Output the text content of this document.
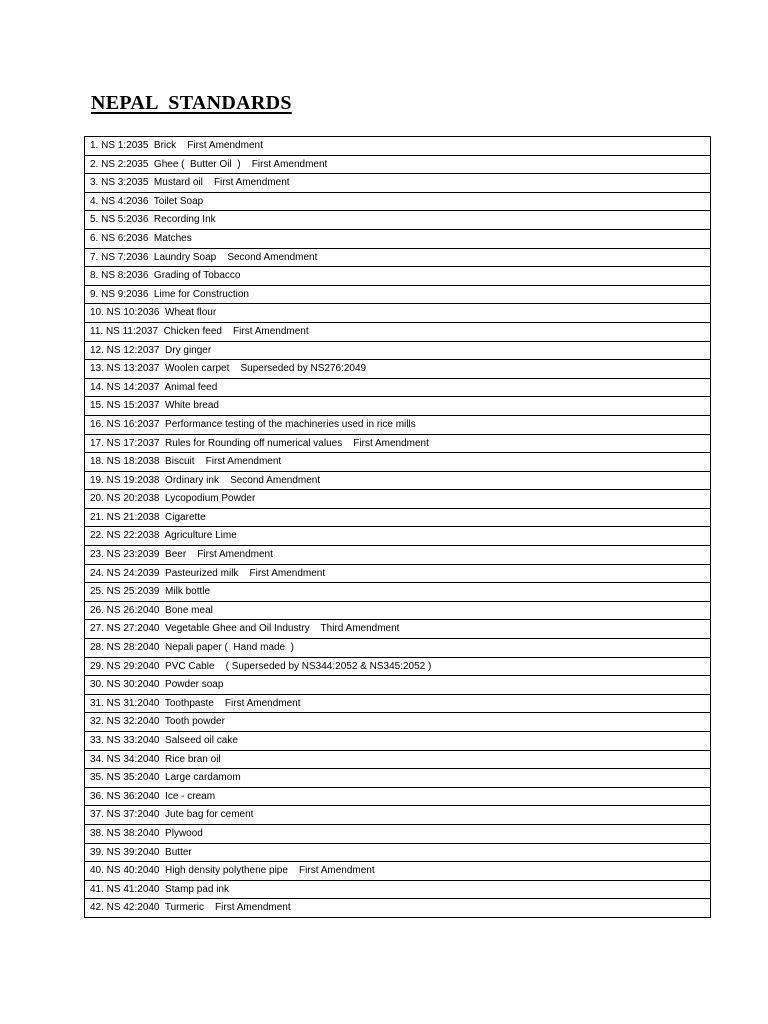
NEPAL  STANDARDS
1. NS 1:2035  Brick    First Amendment
2. NS 2:2035  Ghee (  Butter Oil  )    First Amendment
3. NS 3:2035  Mustard oil    First Amendment
4. NS 4:2036  Toilet Soap
5. NS 5:2036  Recording Ink
6. NS 6:2036  Matches
7. NS 7:2036  Laundry Soap    Second Amendment
8. NS 8:2036  Grading of Tobacco
9. NS 9:2036  Lime for Construction
10. NS 10:2036  Wheat flour
11. NS 11:2037  Chicken feed    First Amendment
12. NS 12:2037  Dry ginger
13. NS 13:2037  Woolen carpet    Superseded by NS276:2049
14. NS 14:2037  Animal feed
15. NS 15:2037  White bread
16. NS 16:2037  Performance testing of the machineries used in rice mills
17. NS 17:2037  Rules for Rounding off numerical values    First Amendment
18. NS 18:2038  Biscuit    First Amendment
19. NS 19:2038  Ordinary ink    Second Amendment
20. NS 20:2038  Lycopodium Powder
21. NS 21:2038  Cigarette
22. NS 22:2038  Agriculture Lime
23. NS 23:2039  Beer    First Amendment
24. NS 24:2039  Pasteurized milk    First Amendment
25. NS 25:2039  Milk bottle
26. NS 26:2040  Bone meal
27. NS 27:2040  Vegetable Ghee and Oil Industry    Third Amendment
28. NS 28:2040  Nepali paper (  Hand made  )
29. NS 29:2040  PVC Cable    ( Superseded by NS344:2052 & NS345:2052 )
30. NS 30:2040  Powder soap
31. NS 31:2040  Toothpaste    First Amendment
32. NS 32:2040  Tooth powder
33. NS 33:2040  Salseed oil cake
34. NS 34:2040  Rice bran oil
35. NS 35:2040  Large cardamom
36. NS 36:2040  Ice - cream
37. NS 37:2040  Jute bag for cement
38. NS 38:2040  Plywood
39. NS 39:2040  Butter
40. NS 40:2040  High density polythene pipe    First Amendment
41. NS 41:2040  Stamp pad ink
42. NS 42:2040  Turmeric    First Amendment
